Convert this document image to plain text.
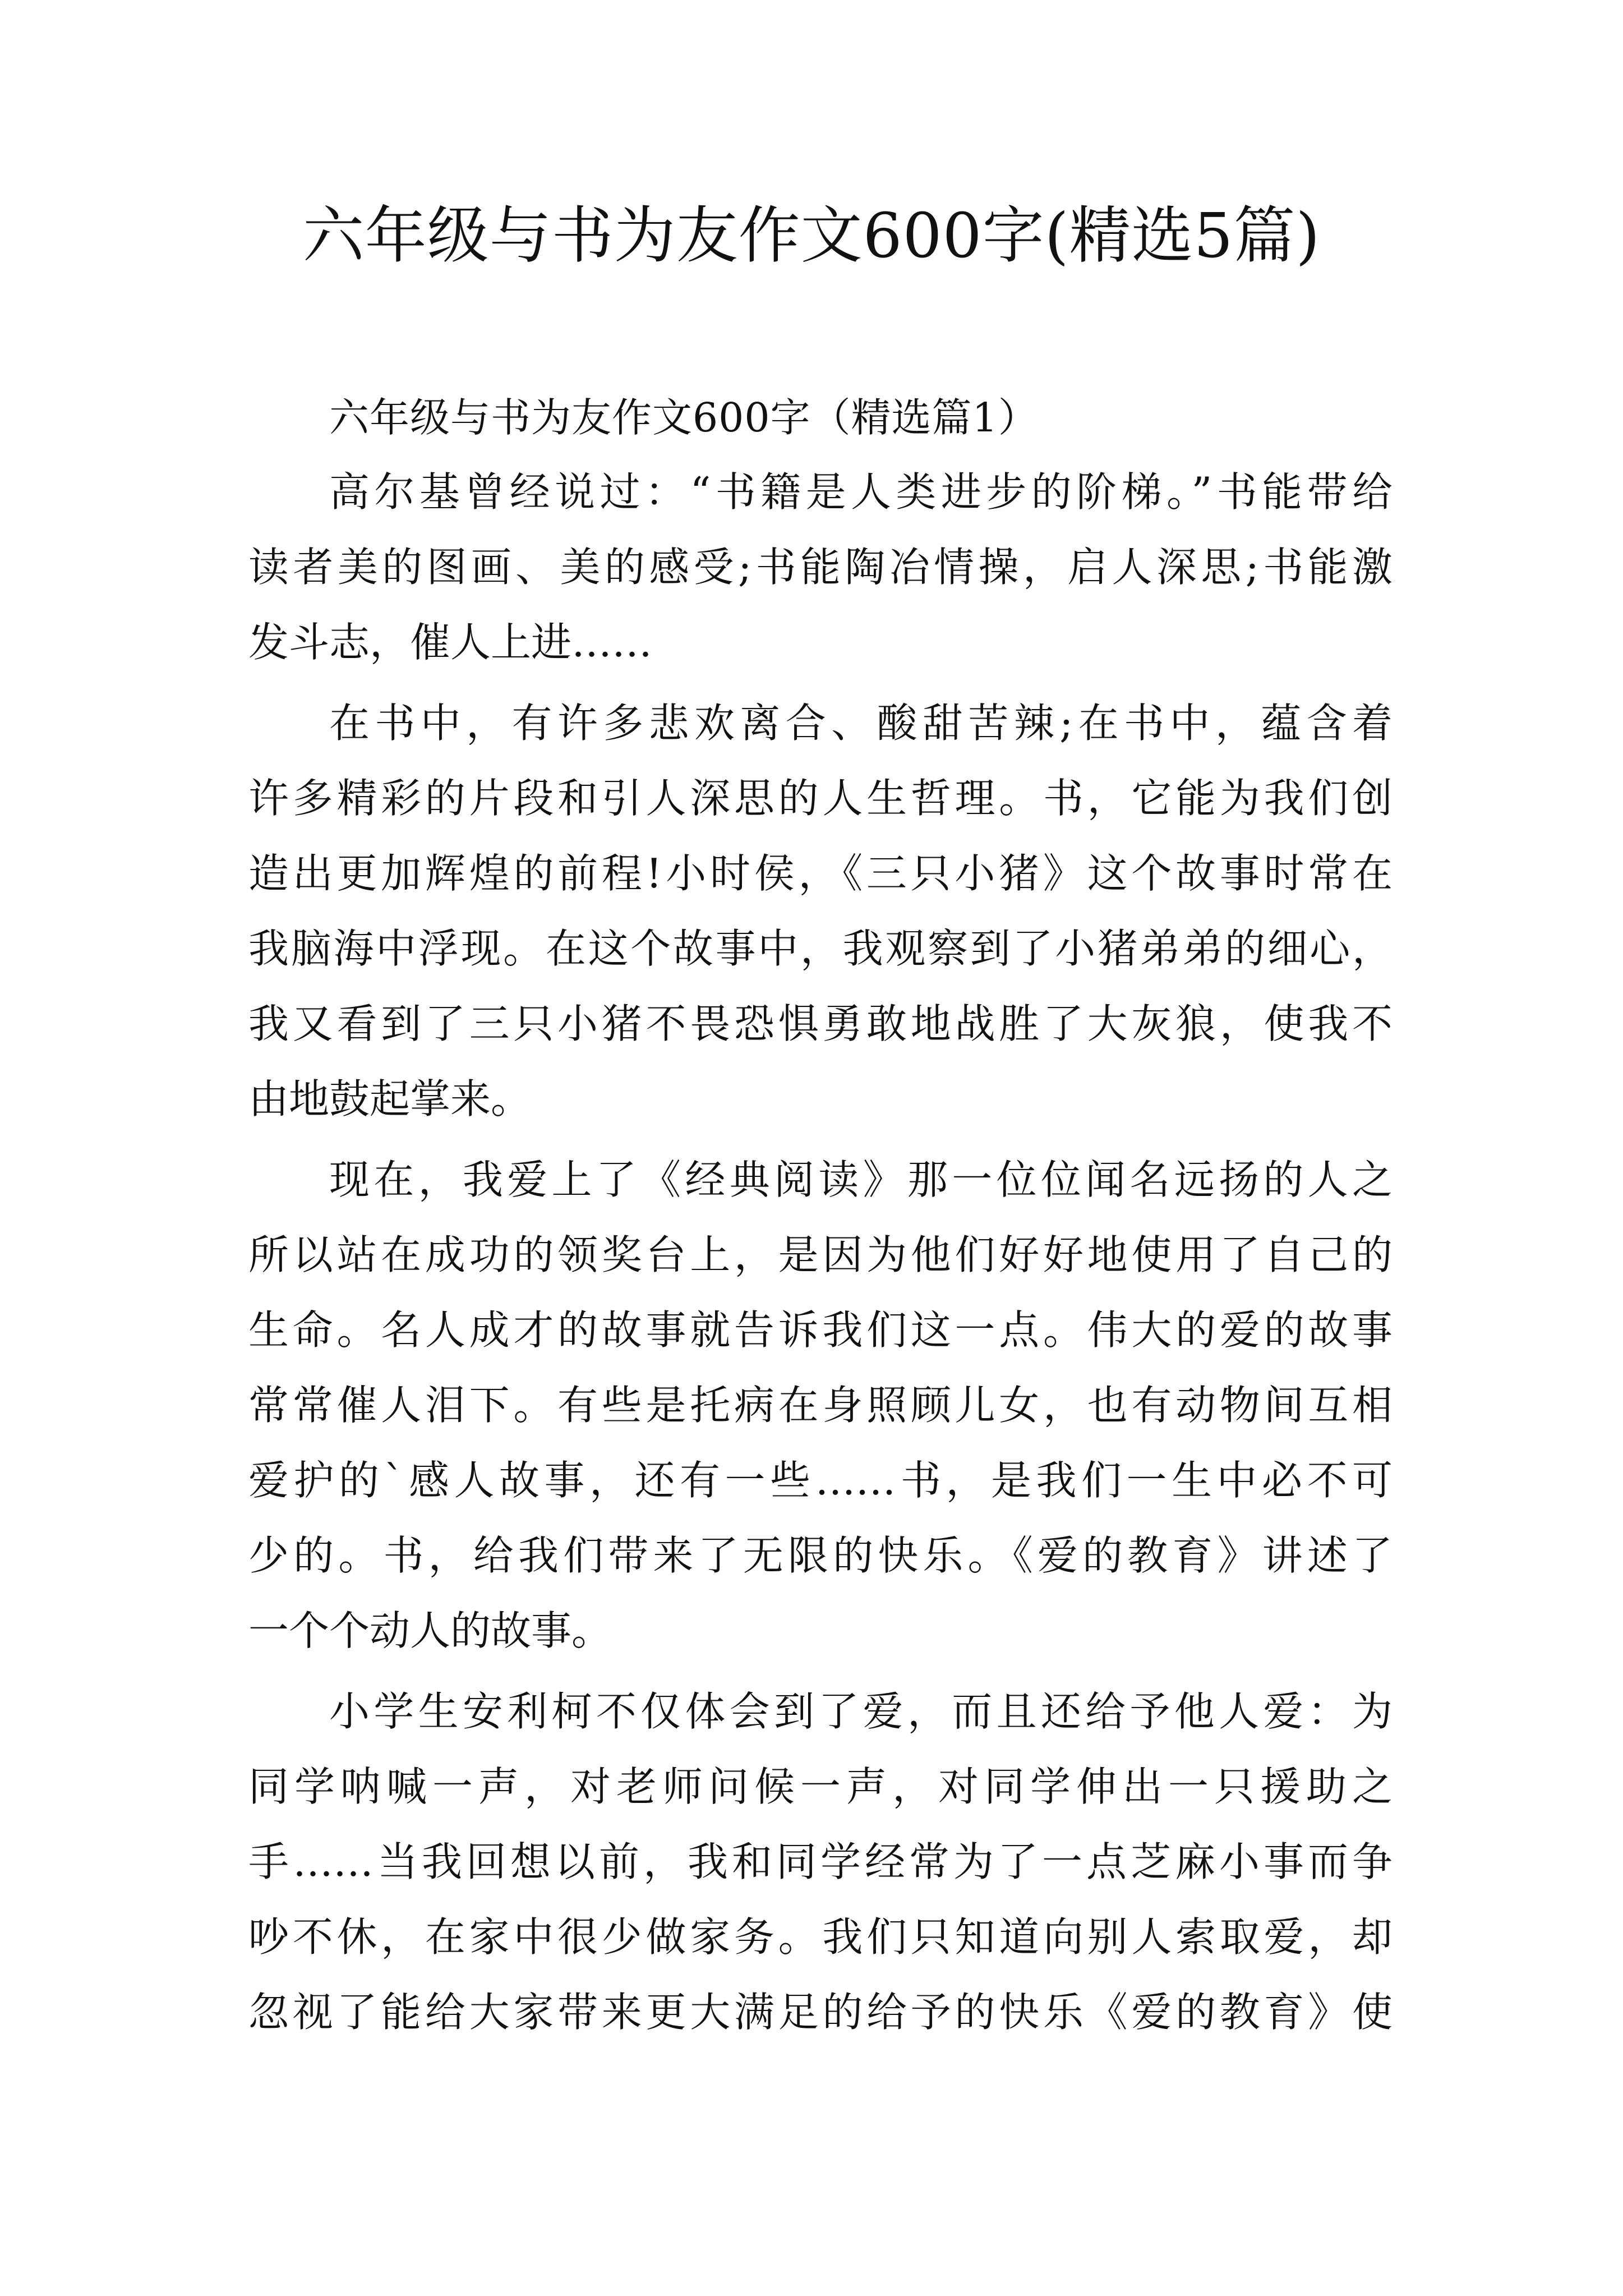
六年级与书为友作文600字(精选5篇)

六年级与书为友作文600字（精选篇1）

高尔基曾经说过：“书籍是人类进步的阶梯。”书能带给
读者美的图画、美的感受;书能陶冶情操，启人深思;书能激
发斗志，催人上进……
在书中，有许多悲欢离合、酸甜苦辣;在书中，蕴含着
许多精彩的片段和引人深思的人生哲理。书，它能为我们创
造出更加辉煌的前程!小时侯，《三只小猪》这个故事时常在
我脑海中浮现。在这个故事中，我观察到了小猪弟弟的细心，
我又看到了三只小猪不畏恐惧勇敢地战胜了大灰狼，使我不
由地鼓起掌来。
现在，我爱上了《经典阅读》那一位位闻名远扬的人之
所以站在成功的领奖台上，是因为他们好好地使用了自己的
生命。名人成才的故事就告诉我们这一点。伟大的爱的故事
常常催人泪下。有些是托病在身照顾儿女，也有动物间互相
爱护的`感人故事，还有一些……书，是我们一生中必不可
少的。书，给我们带来了无限的快乐。《爱的教育》讲述了
一个个动人的故事。
小学生安利柯不仅体会到了爱，而且还给予他人爱：为
同学呐喊一声，对老师问候一声，对同学伸出一只援助之
手……当我回想以前，我和同学经常为了一点芝麻小事而争
吵不休，在家中很少做家务。我们只知道向别人索取爱，却
忽视了能给大家带来更大满足的给予的快乐《爱的教育》使
